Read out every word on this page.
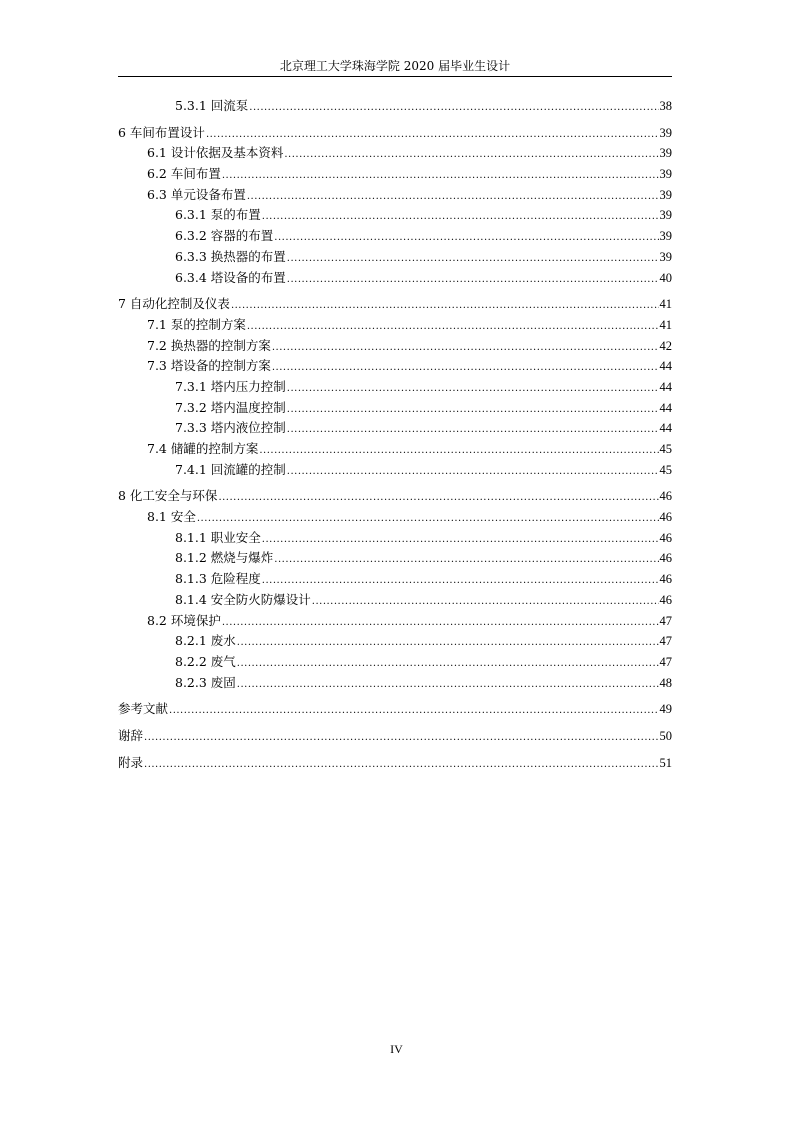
北京理工大学珠海学院 2020 届毕业生设计
5.3.1 回流泵 .....	38
6 车间布置设计 .....	39
6.1 设计依据及基本资料 .....	39
6.2 车间布置 .....	39
6.3 单元设备布置 .....	39
6.3.1 泵的布置 .....	39
6.3.2 容器的布置 .....	39
6.3.3 换热器的布置 .....	39
6.3.4 塔设备的布置 .....	40
7 自动化控制及仪表 .....	41
7.1 泵的控制方案 .....	41
7.2 换热器的控制方案 .....	42
7.3 塔设备的控制方案 .....	44
7.3.1 塔内压力控制 .....	44
7.3.2 塔内温度控制 .....	44
7.3.3 塔内液位控制 .....	44
7.4 储罐的控制方案 .....	45
7.4.1 回流罐的控制 .....	45
8 化工安全与环保 .....	46
8.1 安全 .....	46
8.1.1 职业安全 .....	46
8.1.2 燃烧与爆炸 .....	46
8.1.3 危险程度 .....	46
8.1.4 安全防火防爆设计 .....	46
8.2 环境保护 .....	47
8.2.1 废水 .....	47
8.2.2 废气 .....	47
8.2.3 废固 .....	48
参考文献 .....	49
谢辞 .....	50
附录 .....	51
IV
